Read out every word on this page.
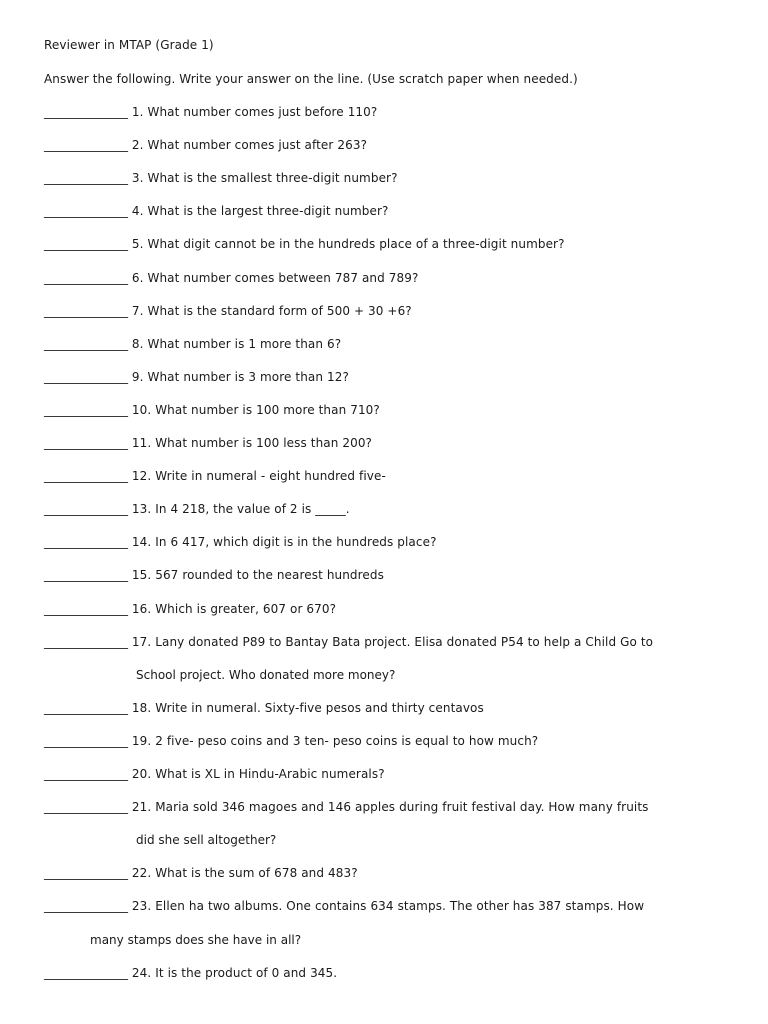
Reviewer in MTAP (Grade 1)
Answer the following. Write your answer on the line. (Use scratch paper when needed.)
______________ 1. What number comes just before 110?
______________ 2. What number comes just after 263?
______________ 3. What is the smallest three-digit number?
______________ 4. What is the largest three-digit number?
______________ 5. What digit cannot be in the hundreds place of a three-digit number?
______________ 6. What number comes between 787 and 789?
______________ 7. What is the standard form of 500 + 30 +6?
______________ 8. What number is 1 more than 6?
______________ 9. What number is 3 more than 12?
______________ 10. What number is 100 more than 710?
______________ 11. What number is 100 less than 200?
______________ 12. Write in numeral - eight hundred five-
______________ 13. In 4 218, the value of 2 is _____.
______________ 14. In 6 417, which digit is in the hundreds place?
______________ 15. 567 rounded to the nearest hundreds
______________ 16. Which is greater, 607 or 670?
______________ 17. Lany donated P89 to Bantay Bata project. Elisa donated P54 to help a Child Go to
School project. Who donated more money?
______________ 18. Write in numeral. Sixty-five pesos and thirty centavos
______________ 19. 2 five- peso coins and 3 ten- peso coins is equal to how much?
______________ 20. What is XL in Hindu-Arabic numerals?
______________ 21. Maria sold 346 magoes and 146 apples during fruit festival day. How many fruits
did she sell altogether?
______________ 22. What is the sum of 678 and 483?
______________ 23. Ellen ha two albums. One contains 634 stamps. The other has 387 stamps. How
many stamps does she have in all?
______________ 24. It is the product of 0 and 345.
